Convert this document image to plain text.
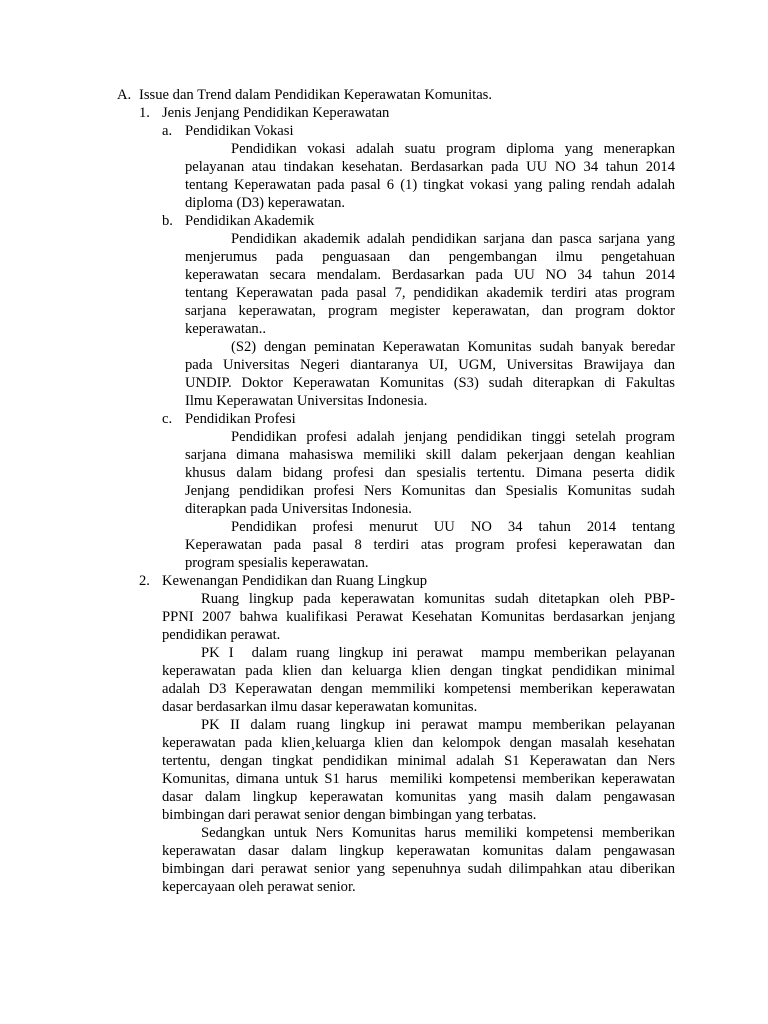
A. Issue dan Trend dalam Pendidikan Keperawatan Komunitas.
1. Jenis Jenjang Pendidikan Keperawatan
a. Pendidikan Vokasi
Pendidikan vokasi adalah suatu program diploma yang menerapkan
pelayanan atau tindakan kesehatan. Berdasarkan pada UU NO 34 tahun 2014
tentang Keperawatan pada pasal 6 (1) tingkat vokasi yang paling rendah adalah
diploma (D3) keperawatan.
b. Pendidikan Akademik
Pendidikan akademik adalah pendidikan sarjana dan pasca sarjana yang
menjerumus pada penguasaan dan pengembangan ilmu pengetahuan
keperawatan secara mendalam. Berdasarkan pada UU NO 34 tahun 2014
tentang Keperawatan pada pasal 7, pendidikan akademik terdiri atas program
sarjana keperawatan, program megister keperawatan, dan program doktor
keperawatan..
(S2) dengan peminatan Keperawatan Komunitas sudah banyak beredar
pada Universitas Negeri diantaranya UI, UGM, Universitas Brawijaya dan
UNDIP. Doktor Keperawatan Komunitas (S3) sudah diterapkan di Fakultas
Ilmu Keperawatan Universitas Indonesia.
c. Pendidikan Profesi
Pendidikan profesi adalah jenjang pendidikan tinggi setelah program
sarjana dimana mahasiswa memiliki skill dalam pekerjaan dengan keahlian
khusus dalam bidang profesi dan spesialis tertentu. Dimana peserta didik
Jenjang pendidikan profesi Ners Komunitas dan Spesialis Komunitas sudah
diterapkan pada Universitas Indonesia.
Pendidikan profesi menurut UU NO 34 tahun 2014 tentang
Keperawatan pada pasal 8 terdiri atas program profesi keperawatan dan
program spesialis keperawatan.
2. Kewenangan Pendidikan dan Ruang Lingkup
Ruang lingkup pada keperawatan komunitas sudah ditetapkan oleh PBP-
PPNI 2007 bahwa kualifikasi Perawat Kesehatan Komunitas berdasarkan jenjang
pendidikan perawat.
PK I  dalam ruang lingkup ini perawat  mampu memberikan pelayanan
keperawatan pada klien dan keluarga klien dengan tingkat pendidikan minimal
adalah D3 Keperawatan dengan memmiliki kompetensi memberikan keperawatan
dasar berdasarkan ilmu dasar keperawatan komunitas.
PK II dalam ruang lingkup ini perawat mampu memberikan pelayanan
keperawatan pada klien¸keluarga klien dan kelompok dengan masalah kesehatan
tertentu, dengan tingkat pendidikan minimal adalah S1 Keperawatan dan Ners
Komunitas, dimana untuk S1 harus  memiliki kompetensi memberikan keperawatan
dasar dalam lingkup keperawatan komunitas yang masih dalam pengawasan
bimbingan dari perawat senior dengan bimbingan yang terbatas.
Sedangkan untuk Ners Komunitas harus memiliki kompetensi memberikan
keperawatan dasar dalam lingkup keperawatan komunitas dalam pengawasan
bimbingan dari perawat senior yang sepenuhnya sudah dilimpahkan atau diberikan
kepercayaan oleh perawat senior.
